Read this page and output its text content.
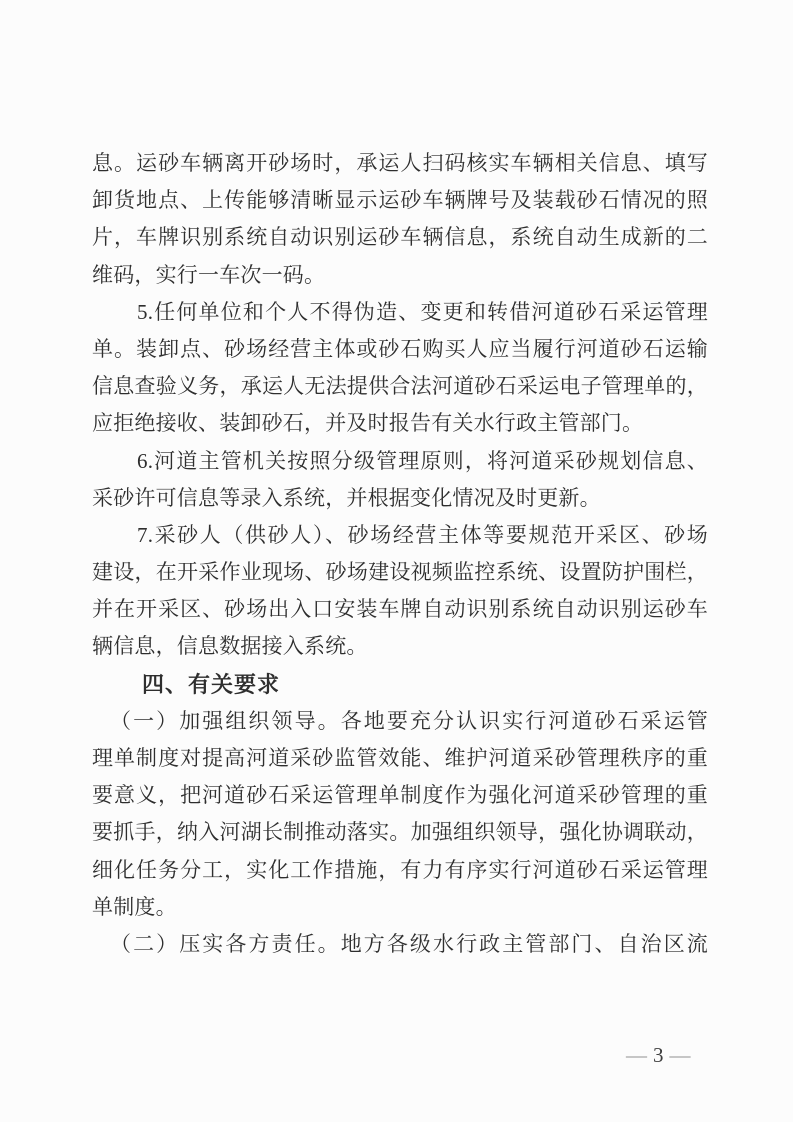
息。运砂车辆离开砂场时，承运人扫码核实车辆相关信息、填写
卸货地点、上传能够清晰显示运砂车辆牌号及装载砂石情况的照
片，车牌识别系统自动识别运砂车辆信息，系统自动生成新的二
维码，实行一车次一码。
5.任何单位和个人不得伪造、变更和转借河道砂石采运管理
单。装卸点、砂场经营主体或砂石购买人应当履行河道砂石运输
信息查验义务，承运人无法提供合法河道砂石采运电子管理单的，
应拒绝接收、装卸砂石，并及时报告有关水行政主管部门。
6.河道主管机关按照分级管理原则，将河道采砂规划信息、
采砂许可信息等录入系统，并根据变化情况及时更新。
7.采砂人（供砂人）、砂场经营主体等要规范开采区、砂场
建设，在开采作业现场、砂场建设视频监控系统、设置防护围栏，
并在开采区、砂场出入口安装车牌自动识别系统自动识别运砂车
辆信息，信息数据接入系统。
四、有关要求
（一）加强组织领导。各地要充分认识实行河道砂石采运管
理单制度对提高河道采砂监管效能、维护河道采砂管理秩序的重
要意义，把河道砂石采运管理单制度作为强化河道采砂管理的重
要抓手，纳入河湖长制推动落实。加强组织领导，强化协调联动，
细化任务分工，实化工作措施，有力有序实行河道砂石采运管理
单制度。
（二）压实各方责任。地方各级水行政主管部门、自治区流
— 3 —
